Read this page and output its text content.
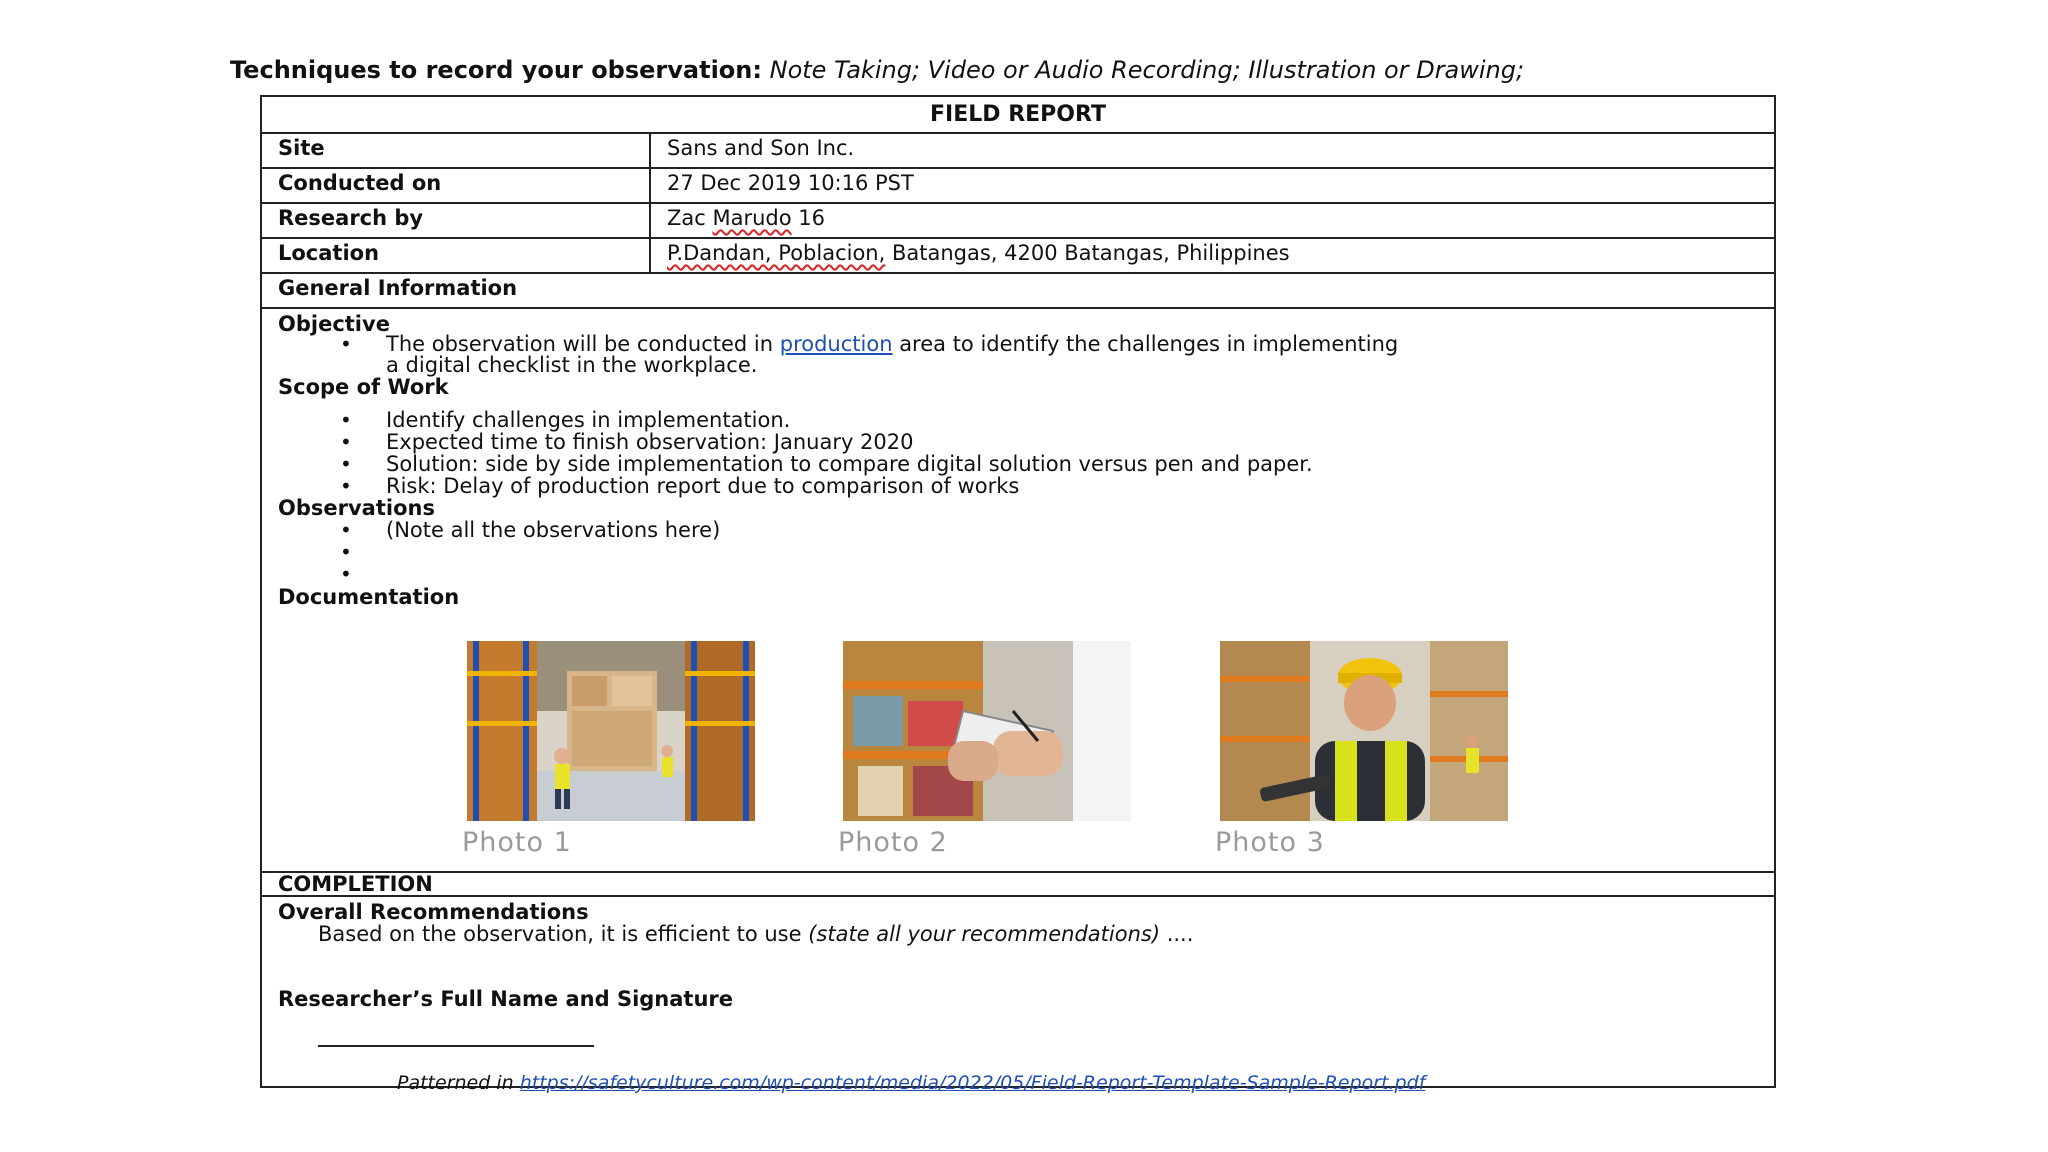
Techniques to record your observation: Note Taking; Video or Audio Recording; Illustration or Drawing;
FIELD REPORT
Site	Sans and Son Inc.
Conducted on	27 Dec 2019 10:16 PST
Research by	Zac Marudo 16
Location	P.Dandan, Poblacion, Batangas, 4200 Batangas, Philippines
General Information
Objective
• The observation will be conducted in production area to identify the challenges in implementing
a digital checklist in the workplace.
Scope of Work
• Identify challenges in implementation.
• Expected time to finish observation: January 2020
• Solution: side by side implementation to compare digital solution versus pen and paper.
• Risk: Delay of production report due to comparison of works
Observations
• (Note all the observations here)
•
•
Documentation
Photo 1	Photo 2	Photo 3
COMPLETION
Overall Recommendations
Based on the observation, it is efficient to use (state all your recommendations) ....
Researcher’s Full Name and Signature
Patterned in https://safetyculture.com/wp-content/media/2022/05/Field-Report-Template-Sample-Report.pdf
